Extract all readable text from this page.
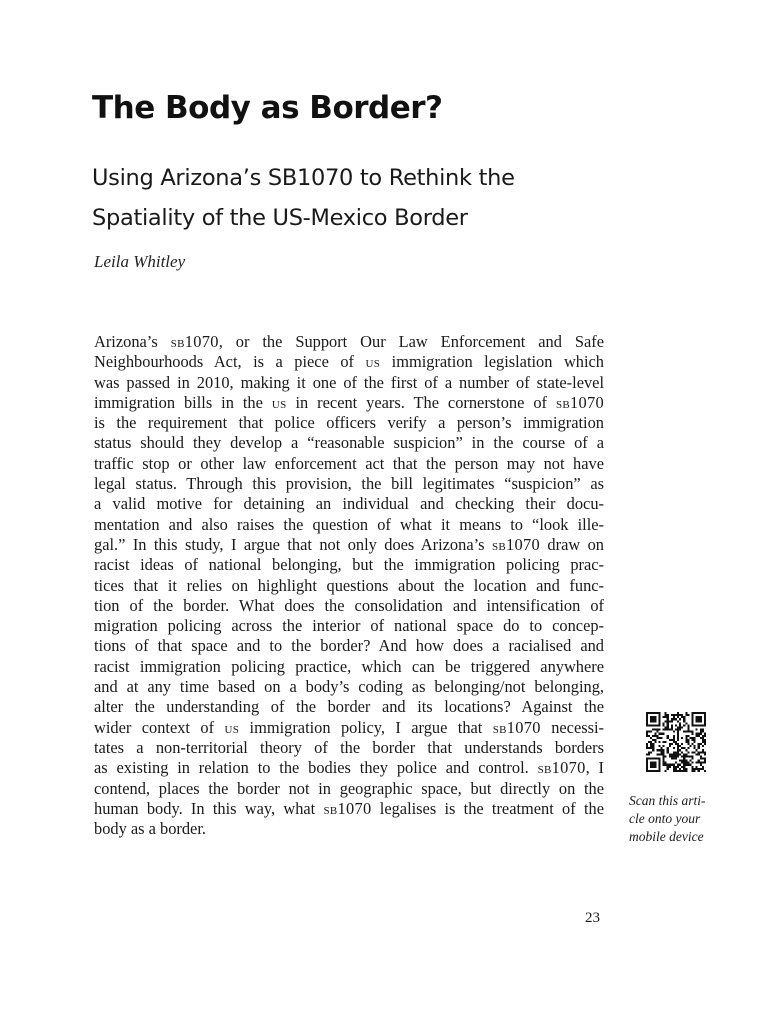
The Body as Border?
Using Arizona’s SB1070 to Rethink the
Spatiality of the US-Mexico Border

Leila Whitley

Arizona’s sb1070, or the Support Our Law Enforcement and Safe
Neighbourhoods Act, is a piece of us immigration legislation which
was passed in 2010, making it one of the first of a number of state-level
immigration bills in the us in recent years. The cornerstone of sb1070
is the requirement that police officers verify a person’s immigration
status should they develop a “reasonable suspicion” in the course of a
traffic stop or other law enforcement act that the person may not have
legal status. Through this provision, the bill legitimates “suspicion” as
a valid motive for detaining an individual and checking their docu-
mentation and also raises the question of what it means to “look ille-
gal.” In this study, I argue that not only does Arizona’s sb1070 draw on
racist ideas of national belonging, but the immigration policing prac-
tices that it relies on highlight questions about the location and func-
tion of the border. What does the consolidation and intensification of
migration policing across the interior of national space do to concep-
tions of that space and to the border? And how does a racialised and
racist immigration policing practice, which can be triggered anywhere
and at any time based on a body’s coding as belonging/not belonging,
alter the understanding of the border and its locations? Against the
wider context of us immigration policy, I argue that sb1070 necessi-
tates a non-territorial theory of the border that understands borders
as existing in relation to the bodies they police and control. sb1070, I
contend, places the border not in geographic space, but directly on the
human body. In this way, what sb1070 legalises is the treatment of the
body as a border.

Scan this arti-
cle onto your
mobile device

23
